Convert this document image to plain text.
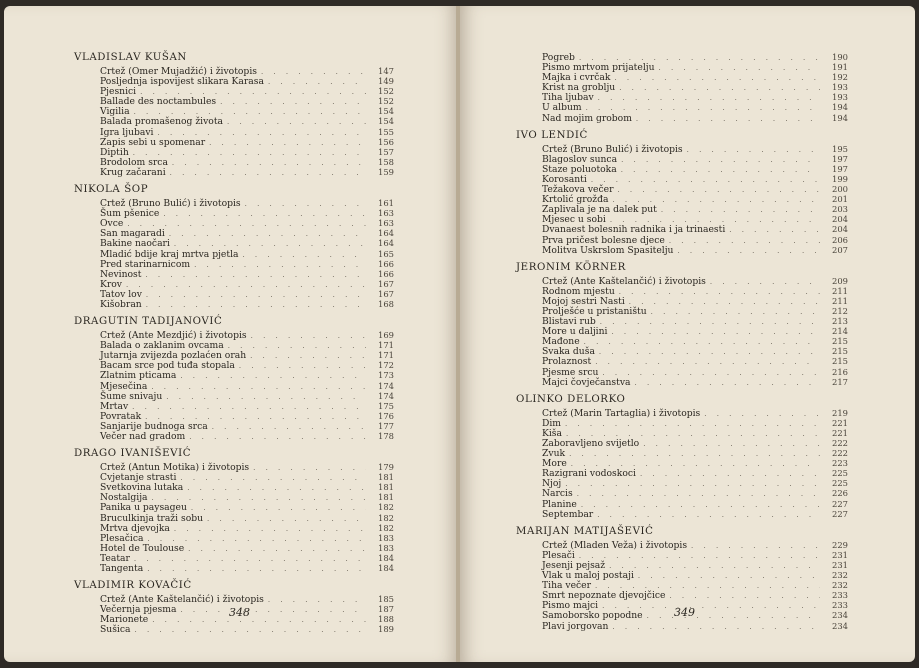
VLADISLAV KUŠAN
Crtež (Omer Mujadžić) i životopis . . .	147
Posljednja ispovijest slikara Karasa . . .	149
Pjesnici . . .	152
Ballade des noctambules . . .	152
Vigilia . . .	154
Balada promašenog života . . .	154
Igra ljubavi . . .	155
Zapis sebi u spomenar . . .	156
Diptih . . .	157
Brodolom srca . . .	158
Krug začarani . . .	159
NIKOLA ŠOP
Crtež (Bruno Bulić) i životopis . . .	161
Šum pšenice . . .	163
Ovce . . .	163
San magaradi . . .	164
Bakine naočari . . .	164
Mladić bdije kraj mrtva pjetla . . .	165
Pred starinarnicom . . .	166
Nevinost . . .	166
Krov . . .	167
Tatov lov . . .	167
Kišobran . . .	168
DRAGUTIN TADIJANOVIĆ
Crtež (Ante Mezdjić) i životopis . . .	169
Balada o zaklanim ovcama . . .	171
Jutarnja zvijezda pozlaćen orah . . .	171
Bacam srce pod tuđa stopala . . .	172
Zlatnim pticama . . .	173
Mjesečina . . .	174
Šume snivaju . . .	174
Mrtav . . .	175
Povratak . . .	176
Sanjarije budnoga srca . . .	177
Večer nad gradom . . .	178
DRAGO IVANIŠEVIĆ
Crtež (Antun Motika) i životopis . . .	179
Cvjetanje strasti . . .	181
Svetkovina lutaka . . .	181
Nostalgija . . .	181
Panika u paysageu . . .	182
Bruculkinja traži sobu . . .	182
Mrtva djevojka . . .	182
Plesačica . . .	183
Hotel de Toulouse . . .	183
Teatar . . .	184
Tangenta . . .	184
VLADIMIR KOVAČIĆ
Crtež (Ante Kaštelančić) i životopis . . .	185
Večernja pjesma . . .	187
Marionete . . .	188
Sušica . . .	189
348
Pogreb . . .	190
Pismo mrtvom prijatelju . . .	191
Majka i cvrčak . . .	192
Krist na groblju . . .	193
Tiha ljubav . . .	193
U album . . .	194
Nad mojim grobom . . .	194
IVO LENDIĆ
Crtež (Bruno Bulić) i životopis . . .	195
Blagoslov sunca . . .	197
Staze poluotoka . . .	197
Korosanti . . .	199
Težakova večer . . .	200
Krtolić grožđa . . .	201
Zaplivala je na dalek put . . .	203
Mjesec u sobi . . .	204
Dvanaest bolesnih radnika i ja trinaesti . . .	204
Prva pričest bolesne djece . . .	206
Molitva Uskrslom Spasitelju . . .	207
JERONIM KÖRNER
Crtež (Ante Kaštelančić) i životopis . . .	209
Rodnom mjestu . . .	211
Mojoj sestri Nasti . . .	211
Prolješće u pristaništu . . .	212
Blistavi rub . . .	213
More u daljini . . .	214
Mađone . . .	215
Svaka duša . . .	215
Prolaznost . . .	215
Pjesme srcu . . .	216
Majci čovječanstva . . .	217
OLINKO DELORKO
Crtež (Marin Tartaglia) i životopis . . .	219
Dim . . .	221
Kiša . . .	221
Zaboravljeno svijetlo . . .	222
Zvuk . . .	222
More . . .	223
Razigrani vodoskoci . . .	225
Njoj . . .	225
Narcis . . .	226
Planine . . .	227
Septembar . . .	227
MARIJAN MATIJAŠEVIĆ
Crtež (Mladen Veža) i životopis . . .	229
Plesači . . .	231
Jesenji pejsaž . . .	231
Vlak u maloj postaji . . .	232
Tiha večer . . .	232
Smrt nepoznate djevojčice . . .	233
Pismo majci . . .	233
Samoborsko popodne . . .	234
Plavi jorgovan . . .	234
349
